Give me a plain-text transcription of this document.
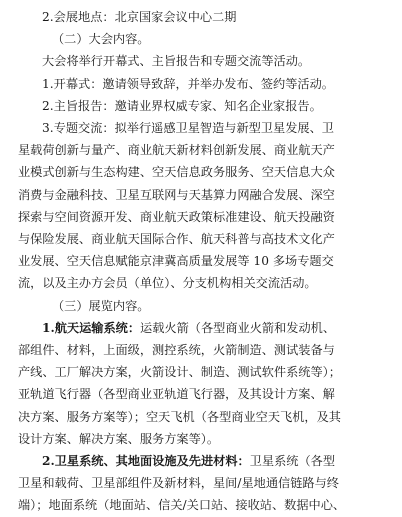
2.会展地点：北京国家会议中心二期

（二）大会内容。

大会将举行开幕式、主旨报告和专题交流等活动。

1.开幕式：邀请领导致辞，并举办发布、签约等活动。

2.主旨报告：邀请业界权威专家、知名企业家报告。

3.专题交流：拟举行遥感卫星智造与新型卫星发展、卫

星载荷创新与量产、商业航天新材料创新发展、商业航天产

业模式创新与生态构建、空天信息政务服务、空天信息大众

消费与金融科技、卫星互联网与天基算力网融合发展、深空

探索与空间资源开发、商业航天政策标准建设、航天投融资

与保险发展、商业航天国际合作、航天科普与高技术文化产

业发展、空天信息赋能京津冀高质量发展等 10 多场专题交

流，以及主办方会员（单位）、分支机构相关交流活动。

（三）展览内容。

1.航天运输系统：运载火箭（各型商业火箭和发动机、

部组件、材料，上面级，测控系统，火箭制造、测试装备与

产线、工厂解决方案，火箭设计、制造、测试软件系统等）；

亚轨道飞行器（各型商业亚轨道飞行器，及其设计方案、解

决方案、服务方案等）；空天飞机（各型商业空天飞机，及其

设计方案、解决方案、服务方案等）。

2.卫星系统、其地面设施及先进材料：卫星系统（各型

卫星和载荷、卫星部组件及新材料，星间/星地通信链路与终

端）；地面系统（地面站、信关/关口站、接收站、数据中心、
